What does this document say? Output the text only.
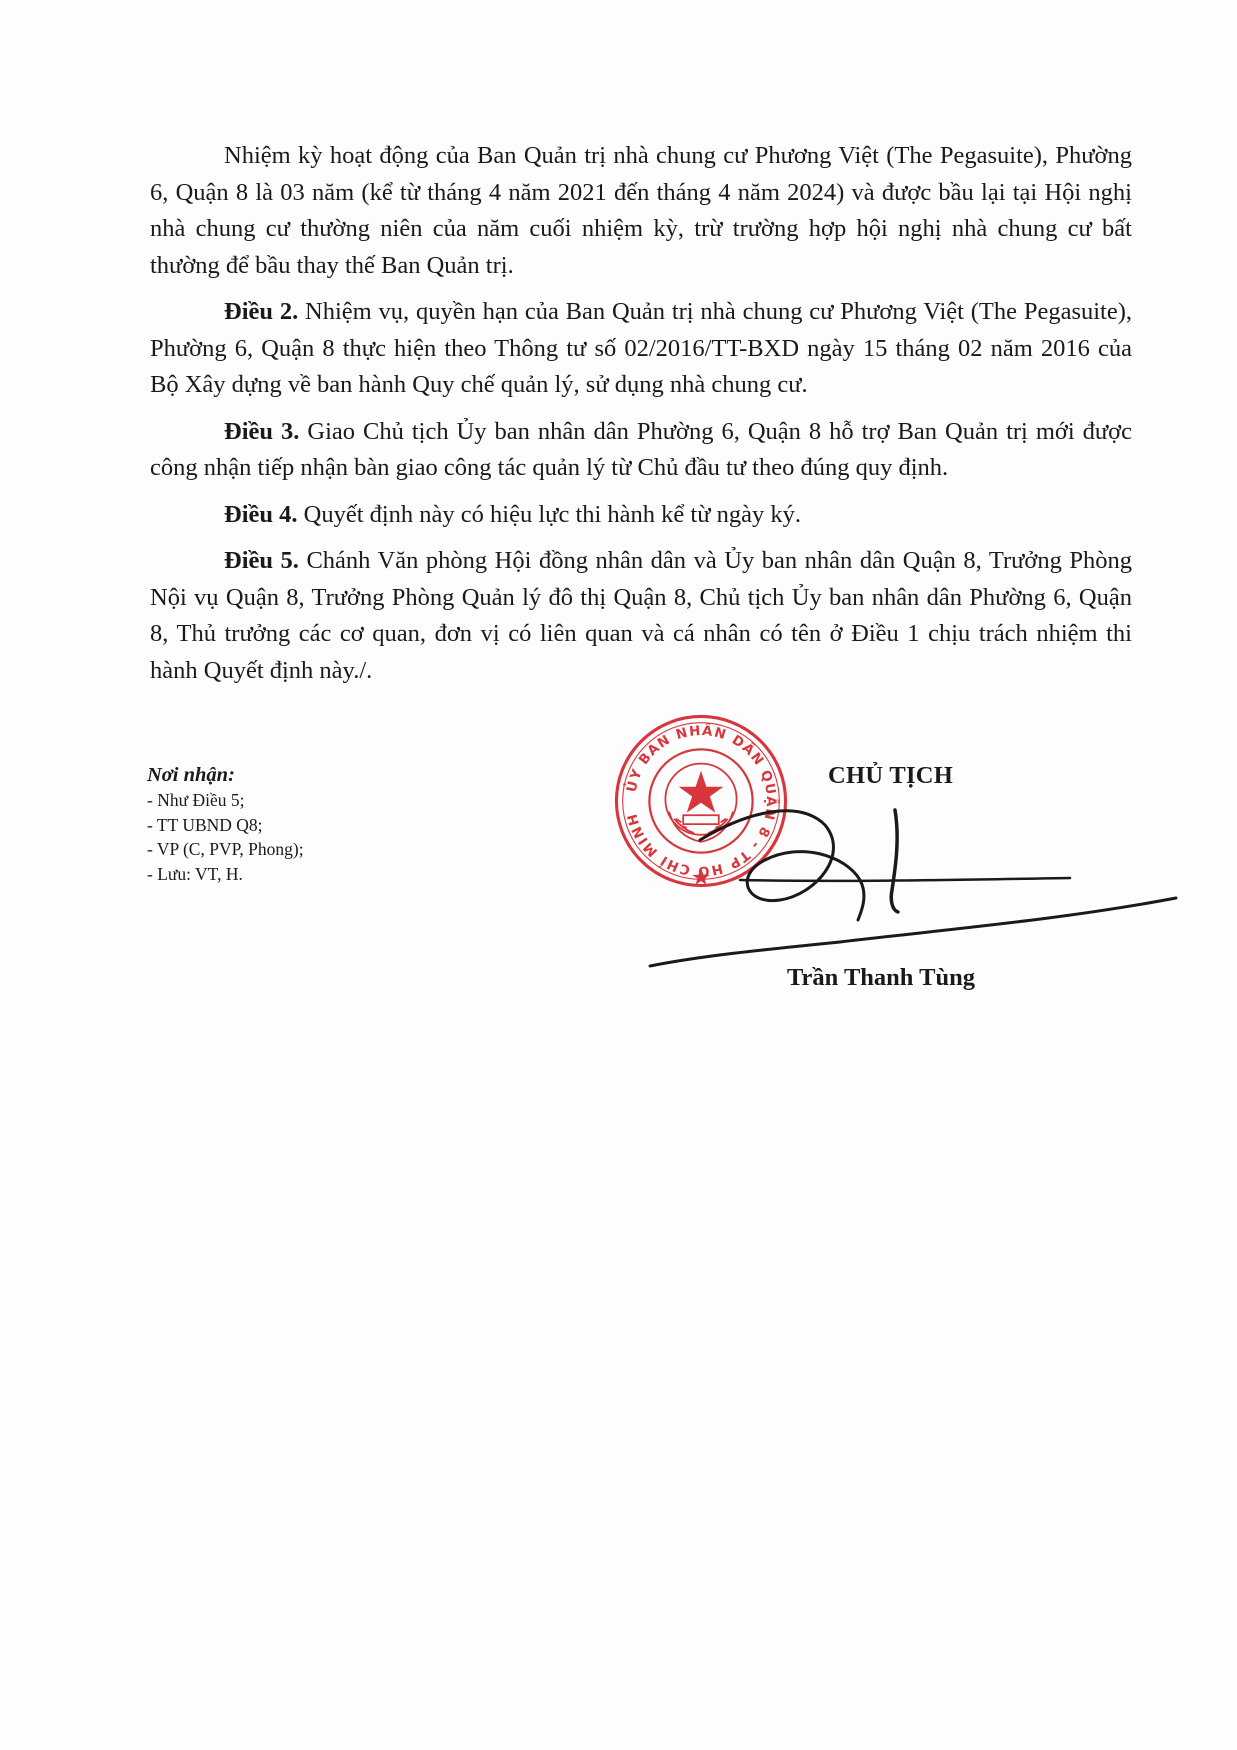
Nhiệm kỳ hoạt động của Ban Quản trị nhà chung cư Phương Việt (The Pegasuite), Phường 6, Quận 8 là 03 năm (kể từ tháng 4 năm 2021 đến tháng 4 năm 2024) và được bầu lại tại Hội nghị nhà chung cư thường niên của năm cuối nhiệm kỳ, trừ trường hợp hội nghị nhà chung cư bất thường để bầu thay thế Ban Quản trị.

Điều 2. Nhiệm vụ, quyền hạn của Ban Quản trị nhà chung cư Phương Việt (The Pegasuite), Phường 6, Quận 8 thực hiện theo Thông tư số 02/2016/TT-BXD ngày 15 tháng 02 năm 2016 của Bộ Xây dựng về ban hành Quy chế quản lý, sử dụng nhà chung cư.

Điều 3. Giao Chủ tịch Ủy ban nhân dân Phường 6, Quận 8 hỗ trợ Ban Quản trị mới được công nhận tiếp nhận bàn giao công tác quản lý từ Chủ đầu tư theo đúng quy định.

Điều 4. Quyết định này có hiệu lực thi hành kể từ ngày ký.

Điều 5. Chánh Văn phòng Hội đồng nhân dân và Ủy ban nhân dân Quận 8, Trưởng Phòng Nội vụ Quận 8, Trưởng Phòng Quản lý đô thị Quận 8, Chủ tịch Ủy ban nhân dân Phường 6, Quận 8, Thủ trưởng các cơ quan, đơn vị có liên quan và cá nhân có tên ở Điều 1 chịu trách nhiệm thi hành Quyết định này./.

Nơi nhận:
- Như Điều 5;
- TT UBND Q8;
- VP (C, PVP, Phong);
- Lưu: VT, H.
ỦY BAN NHÂN DÂN QUẬN 8 - TP HỒ CHÍ MINH
CHỦ TỊCH
Trần Thanh Tùng
